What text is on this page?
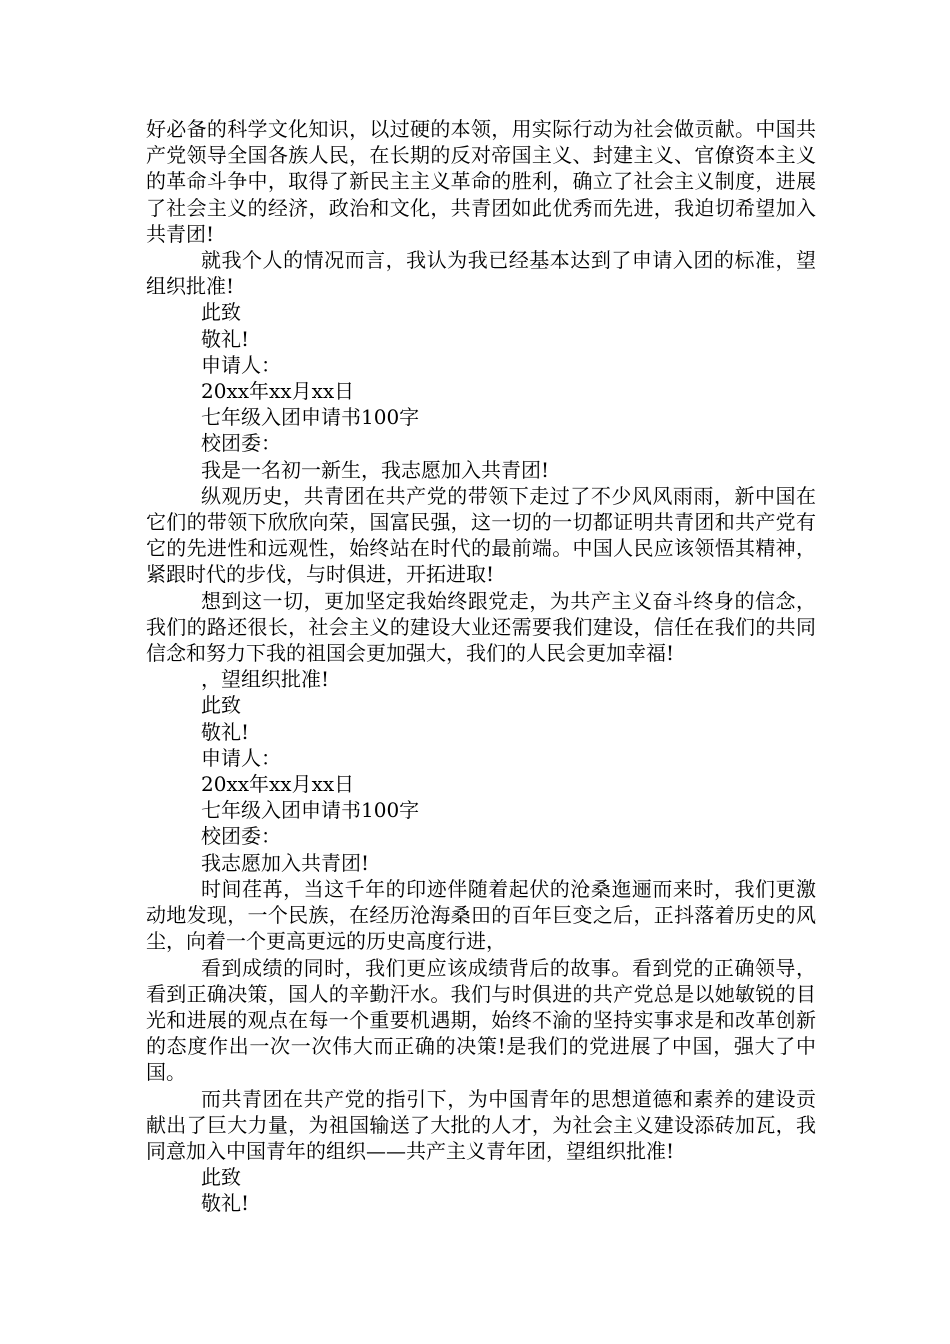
好必备的科学文化知识，以过硬的本领，用实际行动为社会做贡献。中国共产党领导全国各族人民，在长期的反对帝国主义、封建主义、官僚资本主义的革命斗争中，取得了新民主主义革命的胜利，确立了社会主义制度，进展了社会主义的经济，政治和文化，共青团如此优秀而先进，我迫切希望加入共青团!

就我个人的情况而言，我认为我已经基本达到了申请入团的标准，望组织批准!

此致

敬礼!

申请人：

20xx年xx月xx日

七年级入团申请书100字

校团委：

我是一名初一新生，我志愿加入共青团!

纵观历史，共青团在共产党的带领下走过了不少风风雨雨，新中国在它们的带领下欣欣向荣，国富民强，这一切的一切都证明共青团和共产党有它的先进性和远观性，始终站在时代的最前端。中国人民应该领悟其精神，紧跟时代的步伐，与时俱进，开拓进取!

想到这一切，更加坚定我始终跟党走，为共产主义奋斗终身的信念，我们的路还很长，社会主义的建设大业还需要我们建设，信任在我们的共同信念和努力下我的祖国会更加强大，我们的人民会更加幸福!

，望组织批准!

此致

敬礼!

申请人：

20xx年xx月xx日

七年级入团申请书100字

校团委：

我志愿加入共青团!

时间荏苒，当这千年的印迹伴随着起伏的沧桑迤逦而来时，我们更激动地发现，一个民族，在经历沧海桑田的百年巨变之后，正抖落着历史的风尘，向着一个更高更远的历史高度行进，

看到成绩的同时，我们更应该成绩背后的故事。看到党的正确领导，看到正确决策，国人的辛勤汗水。我们与时俱进的共产党总是以她敏锐的目光和进展的观点在每一个重要机遇期，始终不渝的坚持实事求是和改革创新的态度作出一次一次伟大而正确的决策!是我们的党进展了中国，强大了中国。

而共青团在共产党的指引下，为中国青年的思想道德和素养的建设贡献出了巨大力量，为祖国输送了大批的人才，为社会主义建设添砖加瓦，我同意加入中国青年的组织——共产主义青年团，望组织批准!

此致

敬礼!
